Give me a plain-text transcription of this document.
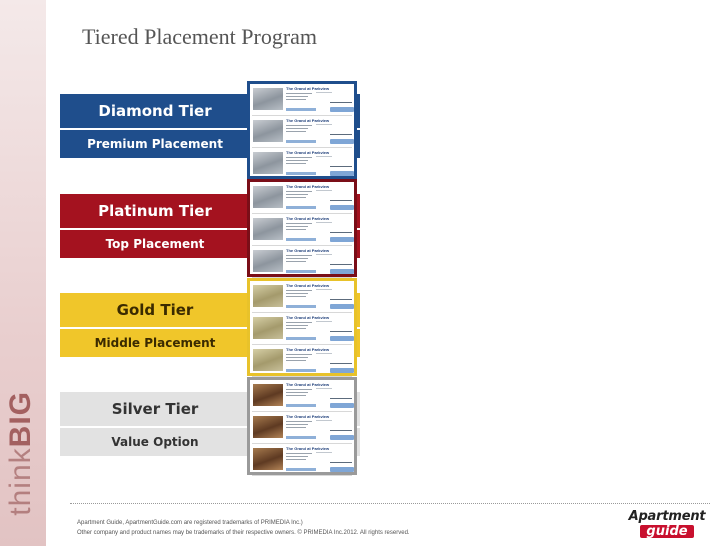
thinkBIG
Tiered Placement Program
Diamond Tier
Premium Placement
Platinum Tier
Top Placement
Gold Tier
Middle Placement
Silver Tier
Value Option
The Grand at Parkview
The Grand at Parkview
The Grand at Parkview
The Grand at Parkview
The Grand at Parkview
The Grand at Parkview
The Grand at Parkview
The Grand at Parkview
The Grand at Parkview
The Grand at Parkview
The Grand at Parkview
The Grand at Parkview
Apartment Guide, ApartmentGuide.com are registered trademarks of PRIMEDIA Inc.)
Other company and product names may be trademarks of their respective owners. © PRIMEDIA Inc.2012. All rights reserved.
Apartment
guide
